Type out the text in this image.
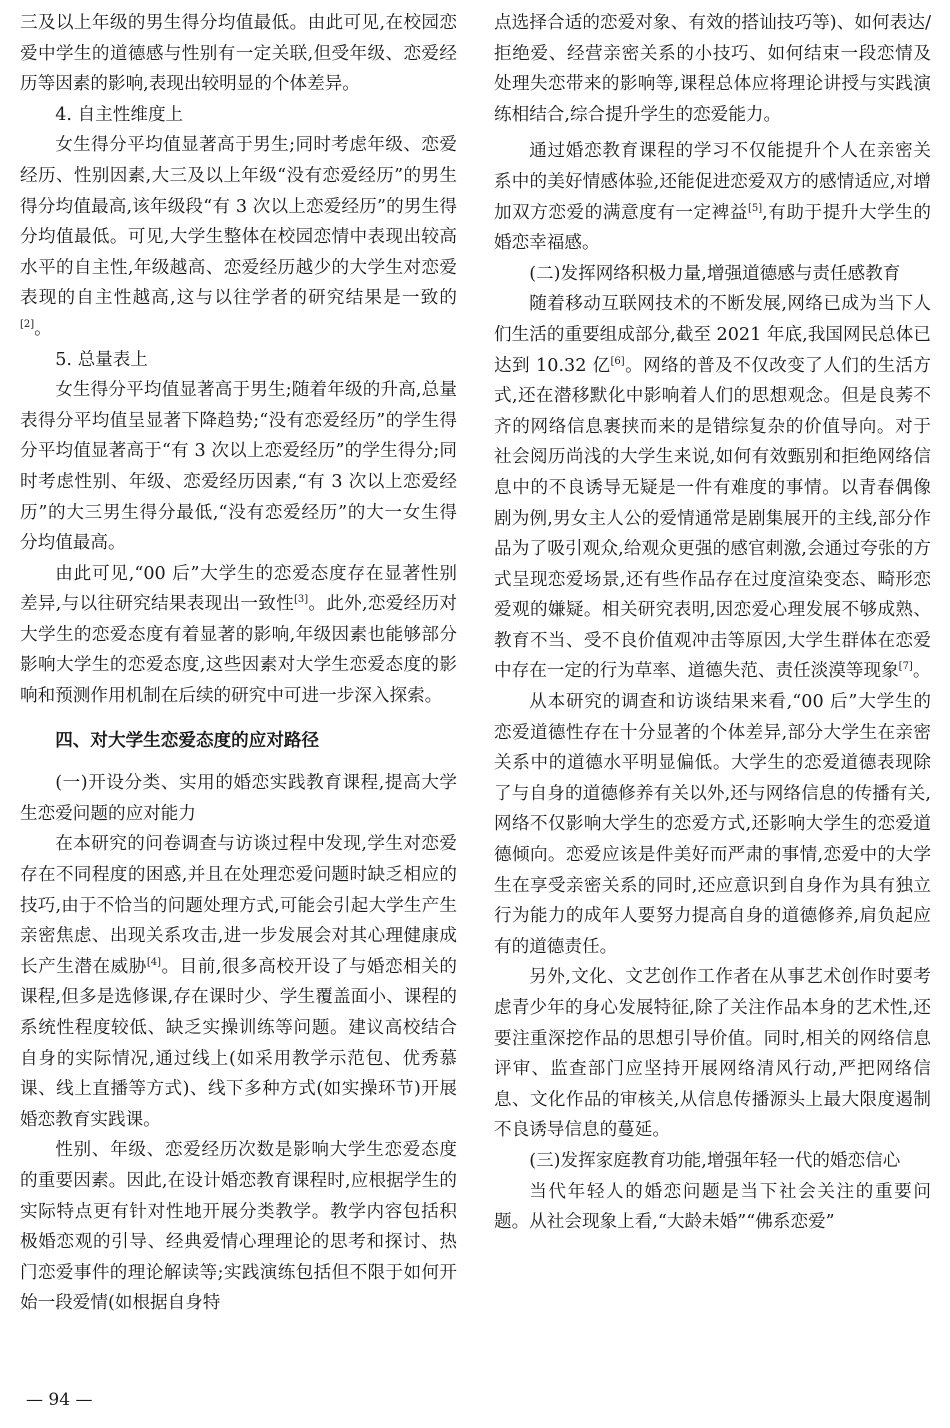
三及以上年级的男生得分均值最低。由此可见,在校园恋爱中学生的道德感与性别有一定关联,但受年级、恋爱经历等因素的影响,表现出较明显的个体差异。

4. 自主性维度上

女生得分平均值显著高于男生;同时考虑年级、恋爱经历、性别因素,大三及以上年级“没有恋爱经历”的男生得分均值最高,该年级段“有 3 次以上恋爱经历”的男生得分均值最低。可见,大学生整体在校园恋情中表现出较高水平的自主性,年级越高、恋爱经历越少的大学生对恋爱表现的自主性越高,这与以往学者的研究结果是一致的[2]。

5. 总量表上

女生得分平均值显著高于男生;随着年级的升高,总量表得分平均值呈显著下降趋势;“没有恋爱经历”的学生得分平均值显著高于“有 3 次以上恋爱经历”的学生得分;同时考虑性别、年级、恋爱经历因素,“有 3 次以上恋爱经历”的大三男生得分最低,“没有恋爱经历”的大一女生得分均值最高。

由此可见,“00 后”大学生的恋爱态度存在显著性别差异,与以往研究结果表现出一致性[3]。此外,恋爱经历对大学生的恋爱态度有着显著的影响,年级因素也能够部分影响大学生的恋爱态度,这些因素对大学生恋爱态度的影响和预测作用机制在后续的研究中可进一步深入探索。

四、对大学生恋爱态度的应对路径

(一)开设分类、实用的婚恋实践教育课程,提高大学生恋爱问题的应对能力

在本研究的问卷调查与访谈过程中发现,学生对恋爱存在不同程度的困惑,并且在处理恋爱问题时缺乏相应的技巧,由于不恰当的问题处理方式,可能会引起大学生产生亲密焦虑、出现关系攻击,进一步发展会对其心理健康成长产生潜在威胁[4]。目前,很多高校开设了与婚恋相关的课程,但多是选修课,存在课时少、学生覆盖面小、课程的系统性程度较低、缺乏实操训练等问题。建议高校结合自身的实际情况,通过线上(如采用教学示范包、优秀慕课、线上直播等方式)、线下多种方式(如实操环节)开展婚恋教育实践课。

性别、年级、恋爱经历次数是影响大学生恋爱态度的重要因素。因此,在设计婚恋教育课程时,应根据学生的实际特点更有针对性地开展分类教学。教学内容包括积极婚恋观的引导、经典爱情心理理论的思考和探讨、热门恋爱事件的理论解读等;实践演练包括但不限于如何开始一段爱情(如根据自身特

点选择合适的恋爱对象、有效的搭讪技巧等)、如何表达/拒绝爱、经营亲密关系的小技巧、如何结束一段恋情及处理失恋带来的影响等,课程总体应将理论讲授与实践演练相结合,综合提升学生的恋爱能力。

通过婚恋教育课程的学习不仅能提升个人在亲密关系中的美好情感体验,还能促进恋爱双方的感情适应,对增加双方恋爱的满意度有一定裨益[5],有助于提升大学生的婚恋幸福感。

(二)发挥网络积极力量,增强道德感与责任感教育

随着移动互联网技术的不断发展,网络已成为当下人们生活的重要组成部分,截至 2021 年底,我国网民总体已达到 10.32 亿[6]。网络的普及不仅改变了人们的生活方式,还在潜移默化中影响着人们的思想观念。但是良莠不齐的网络信息裹挟而来的是错综复杂的价值导向。对于社会阅历尚浅的大学生来说,如何有效甄别和拒绝网络信息中的不良诱导无疑是一件有难度的事情。以青春偶像剧为例,男女主人公的爱情通常是剧集展开的主线,部分作品为了吸引观众,给观众更强的感官刺激,会通过夸张的方式呈现恋爱场景,还有些作品存在过度渲染变态、畸形恋爱观的嫌疑。相关研究表明,因恋爱心理发展不够成熟、教育不当、受不良价值观冲击等原因,大学生群体在恋爱中存在一定的行为草率、道德失范、责任淡漠等现象[7]。

从本研究的调查和访谈结果来看,“00 后”大学生的恋爱道德性存在十分显著的个体差异,部分大学生在亲密关系中的道德水平明显偏低。大学生的恋爱道德表现除了与自身的道德修养有关以外,还与网络信息的传播有关,网络不仅影响大学生的恋爱方式,还影响大学生的恋爱道德倾向。恋爱应该是件美好而严肃的事情,恋爱中的大学生在享受亲密关系的同时,还应意识到自身作为具有独立行为能力的成年人要努力提高自身的道德修养,肩负起应有的道德责任。

另外,文化、文艺创作工作者在从事艺术创作时要考虑青少年的身心发展特征,除了关注作品本身的艺术性,还要注重深挖作品的思想引导价值。同时,相关的网络信息评审、监查部门应坚持开展网络清风行动,严把网络信息、文化作品的审核关,从信息传播源头上最大限度遏制不良诱导信息的蔓延。

(三)发挥家庭教育功能,增强年轻一代的婚恋信心

当代年轻人的婚恋问题是当下社会关注的重要问题。从社会现象上看,“大龄未婚”“佛系恋爱”

— 94 —
